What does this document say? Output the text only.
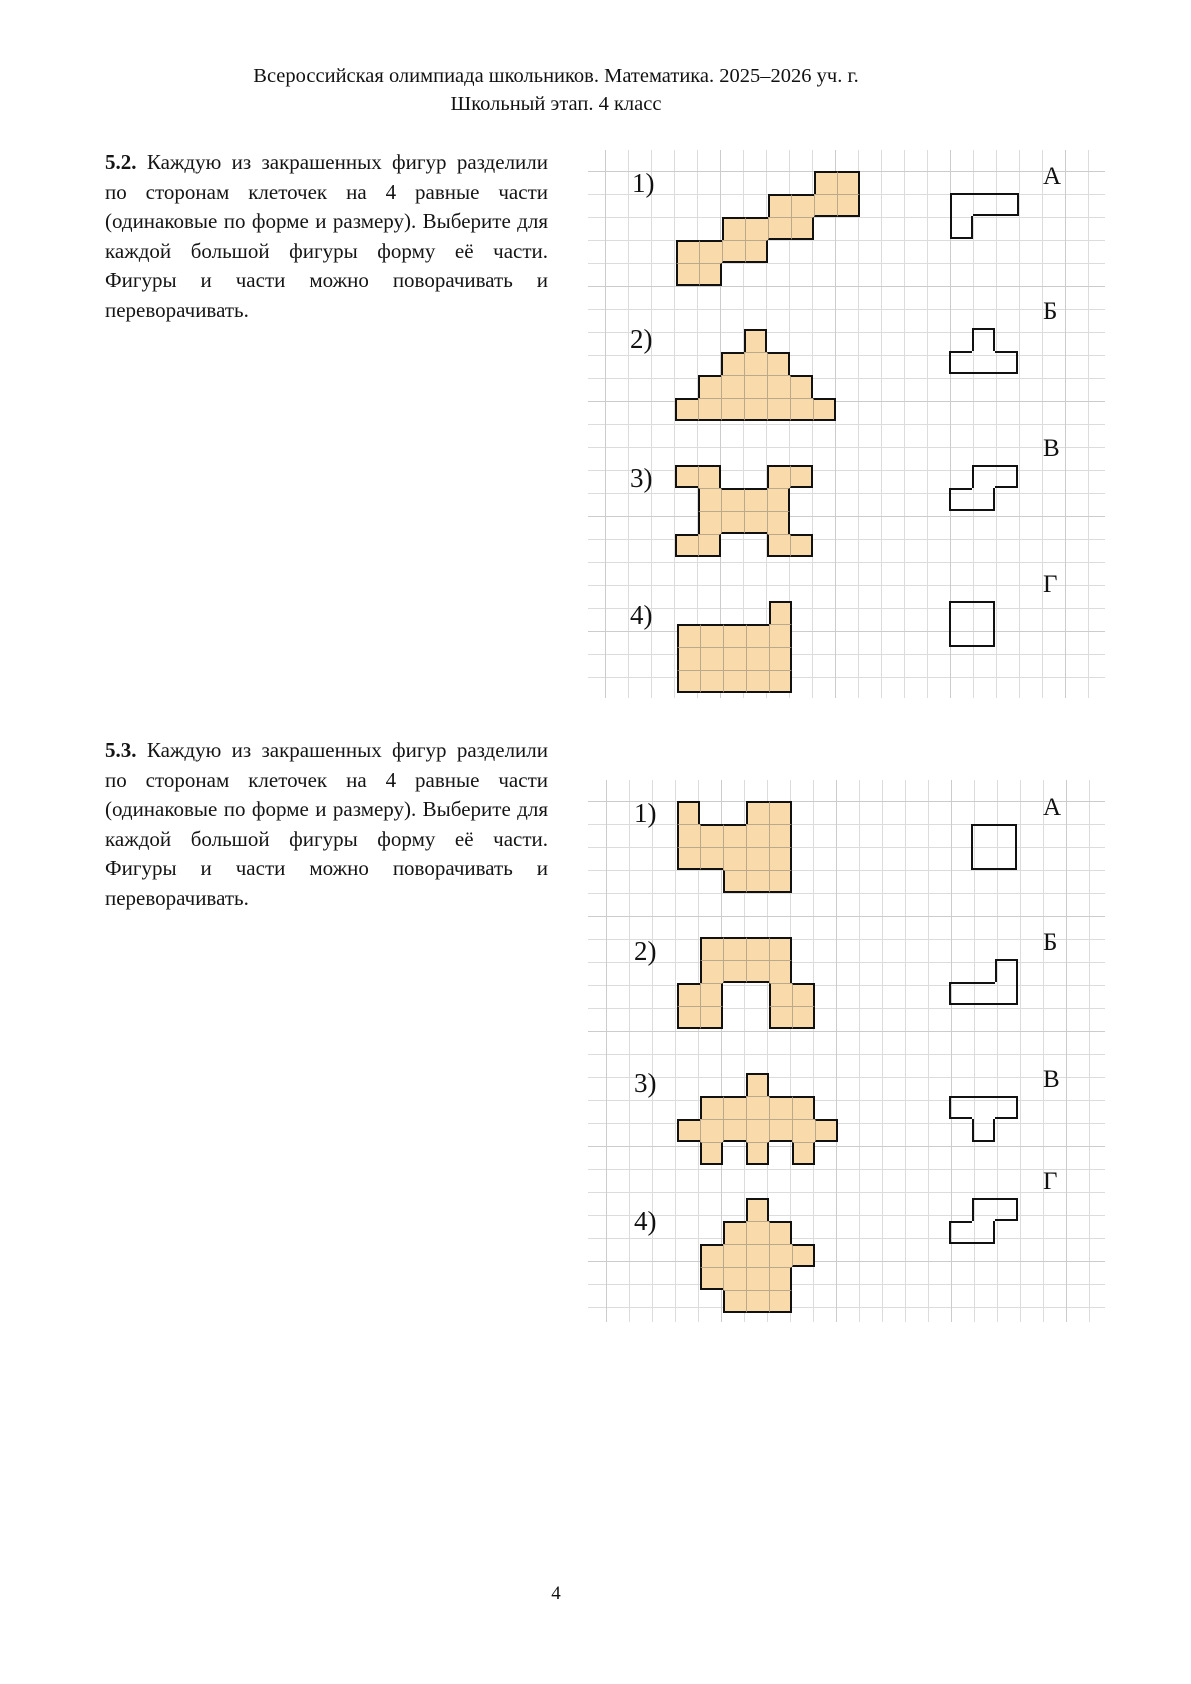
Всероссийская олимпиада школьников. Математика. 2025–2026 уч. г.
Школьный этап. 4 класс
5.2. Каждую из закрашенных фигур разделили по сторонам клеточек на 4 равные части (одинаковые по форме и размеру). Выберите для каждой большой фигуры форму её части. Фигуры и части можно поворачивать и переворачивать.
5.3. Каждую из закрашенных фигур разделили по сторонам клеточек на 4 равные части (одинаковые по форме и размеру). Выберите для каждой большой фигуры форму её части. Фигуры и части можно поворачивать и переворачивать.
4
1)
2)
3)
4)
А
Б
В
Г
1)
2)
3)
4)
А
Б
В
Г
